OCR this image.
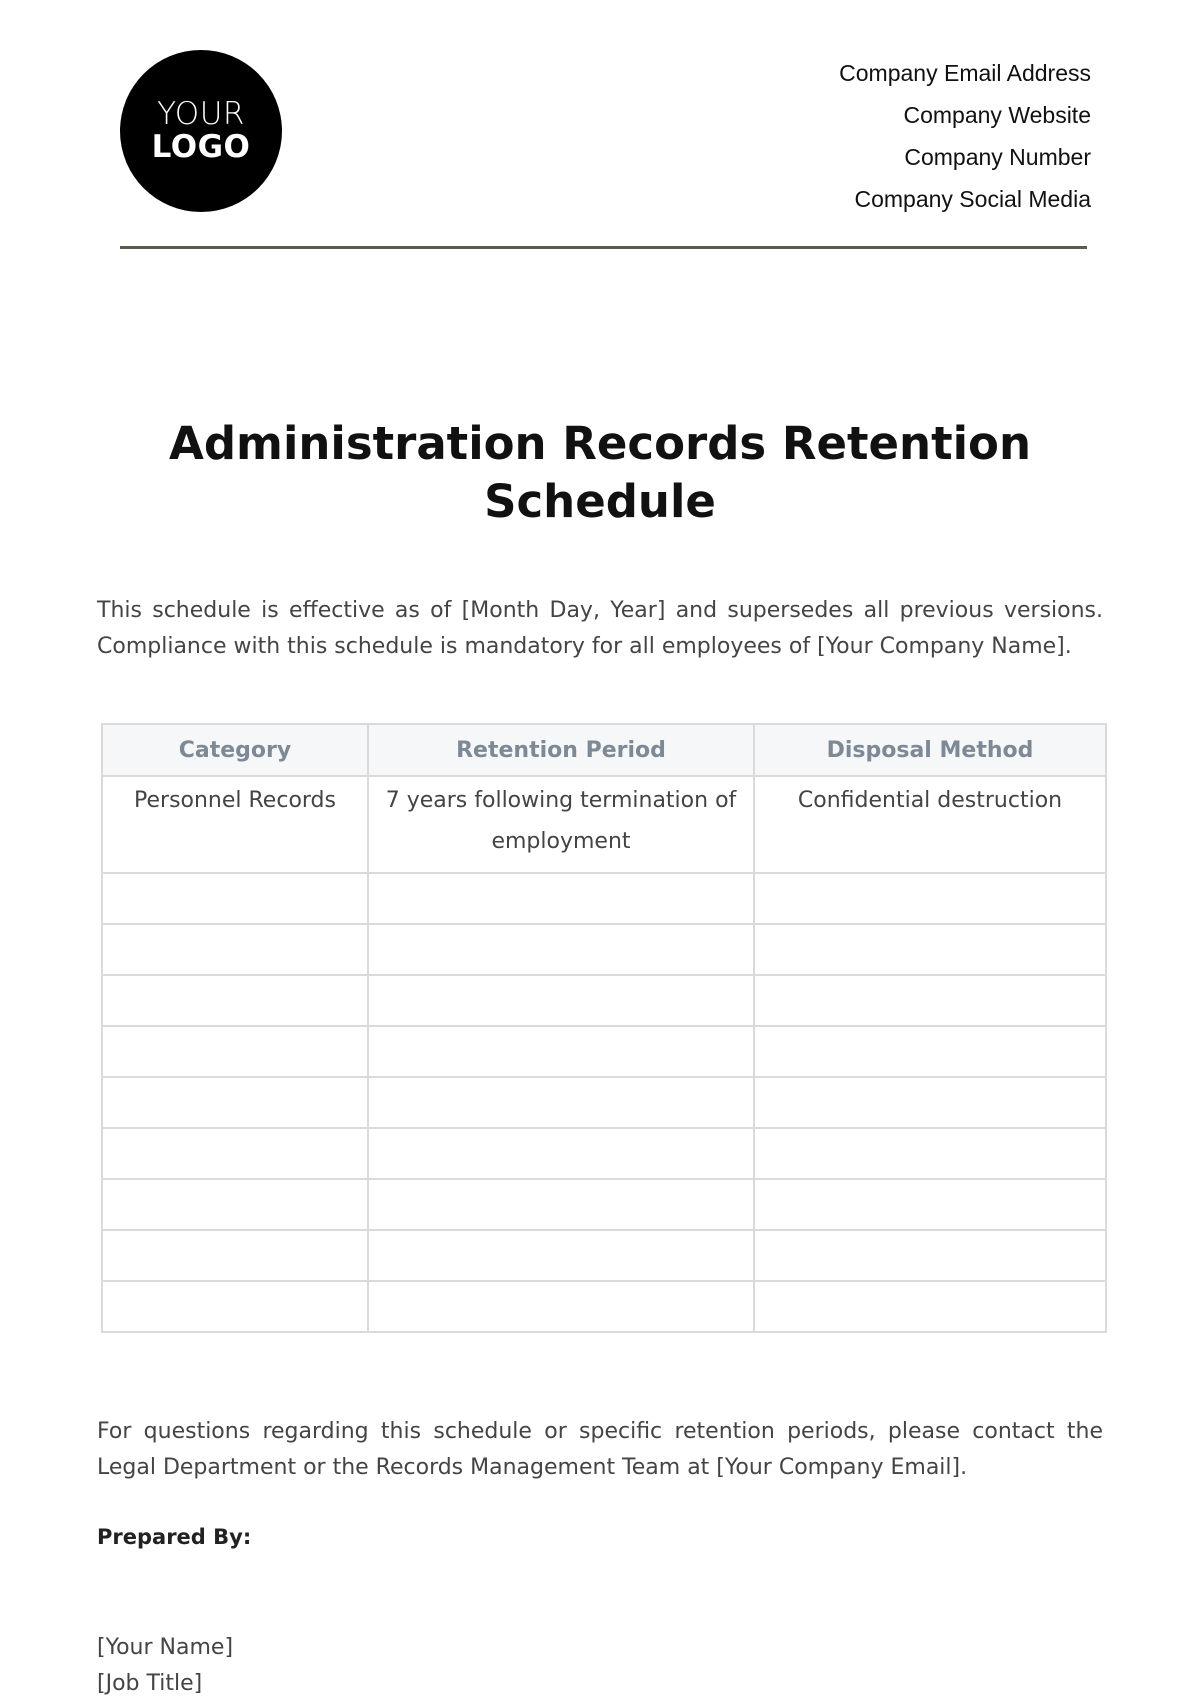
YOUR
LOGO
Company Email Address
Company Website
Company Number
Company Social Media
Administration Records Retention Schedule

This schedule is effective as of [Month Day, Year] and supersedes all previous versions. Compliance with this schedule is mandatory for all employees of [Your Company Name].

Category	Retention Period	Disposal Method
Personnel Records	7 years following termination of employment	Confidential destruction

For questions regarding this schedule or specific retention periods, please contact the Legal Department or the Records Management Team at [Your Company Email].

Prepared By:
[Your Name]
[Job Title]
